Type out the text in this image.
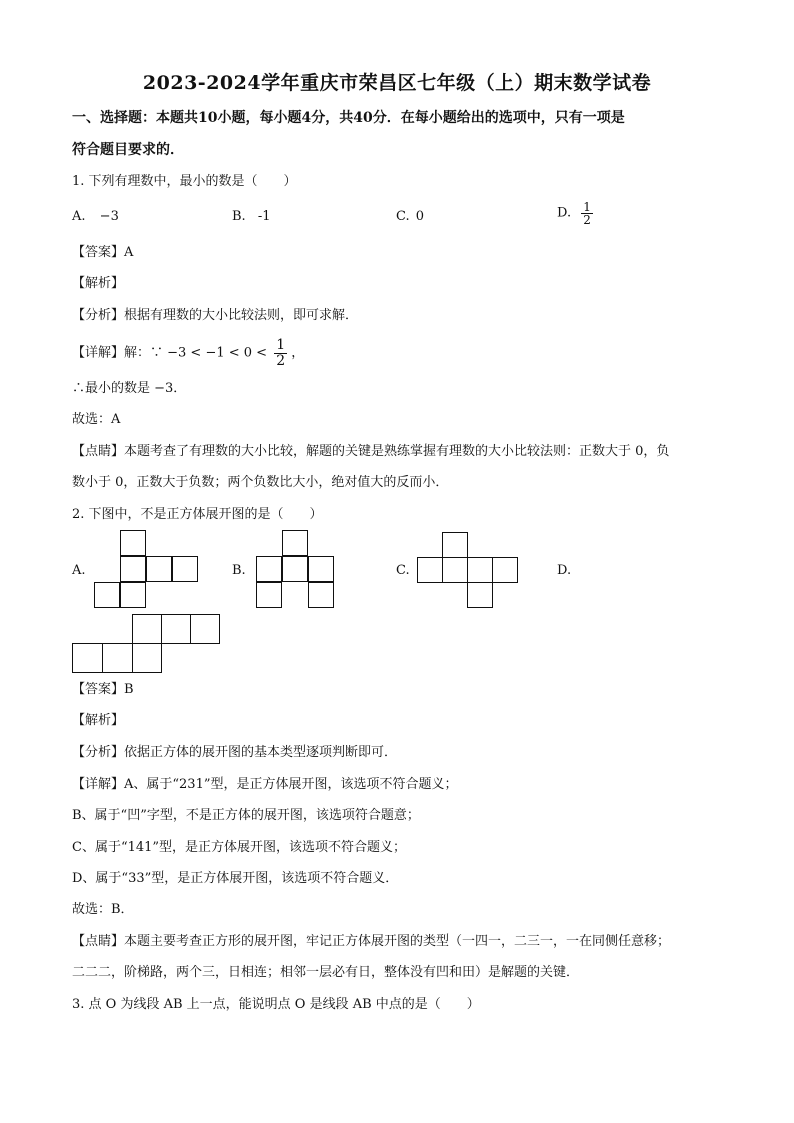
2023-2024学年重庆市荣昌区七年级（上）期末数学试卷
一、选择题：本题共10小题，每小题4分，共40分．在每小题给出的选项中，只有一项是
符合题目要求的．
1. 下列有理数中，最小的数是（　　）
A. −3	B. -1	C. 0	D. $\frac{1}{2}$
【答案】A
【解析】
【分析】根据有理数的大小比较法则，即可求解．
【详解】解：∵ $-3 < -1 < 0 < \frac{1}{2}$ ，
∴最小的数是 −3．
故选：A
【点睛】本题考查了有理数的大小比较，解题的关键是熟练掌握有理数的大小比较法则：正数大于 0，负
数小于 0，正数大于负数；两个负数比大小，绝对值大的反而小．
2. 下图中，不是正方体展开图的是（　　）
A.	B.	C.	D.
【答案】B
【解析】
【分析】依据正方体的展开图的基本类型逐项判断即可．
【详解】A、属于“231”型，是正方体展开图，该选项不符合题义；
B、属于“凹”字型，不是正方体的展开图，该选项符合题意；
C、属于“141”型，是正方体展开图，该选项不符合题义；
D、属于“33”型，是正方体展开图，该选项不符合题义．
故选：B．
【点睛】本题主要考查正方形的展开图，牢记正方体展开图的类型（一四一，二三一，一在同侧任意移；
二二二，阶梯路，两个三，日相连；相邻一层必有日，整体没有凹和田）是解题的关键．
3. 点 O 为线段 AB 上一点，能说明点 O 是线段 AB 中点的是（　　）
